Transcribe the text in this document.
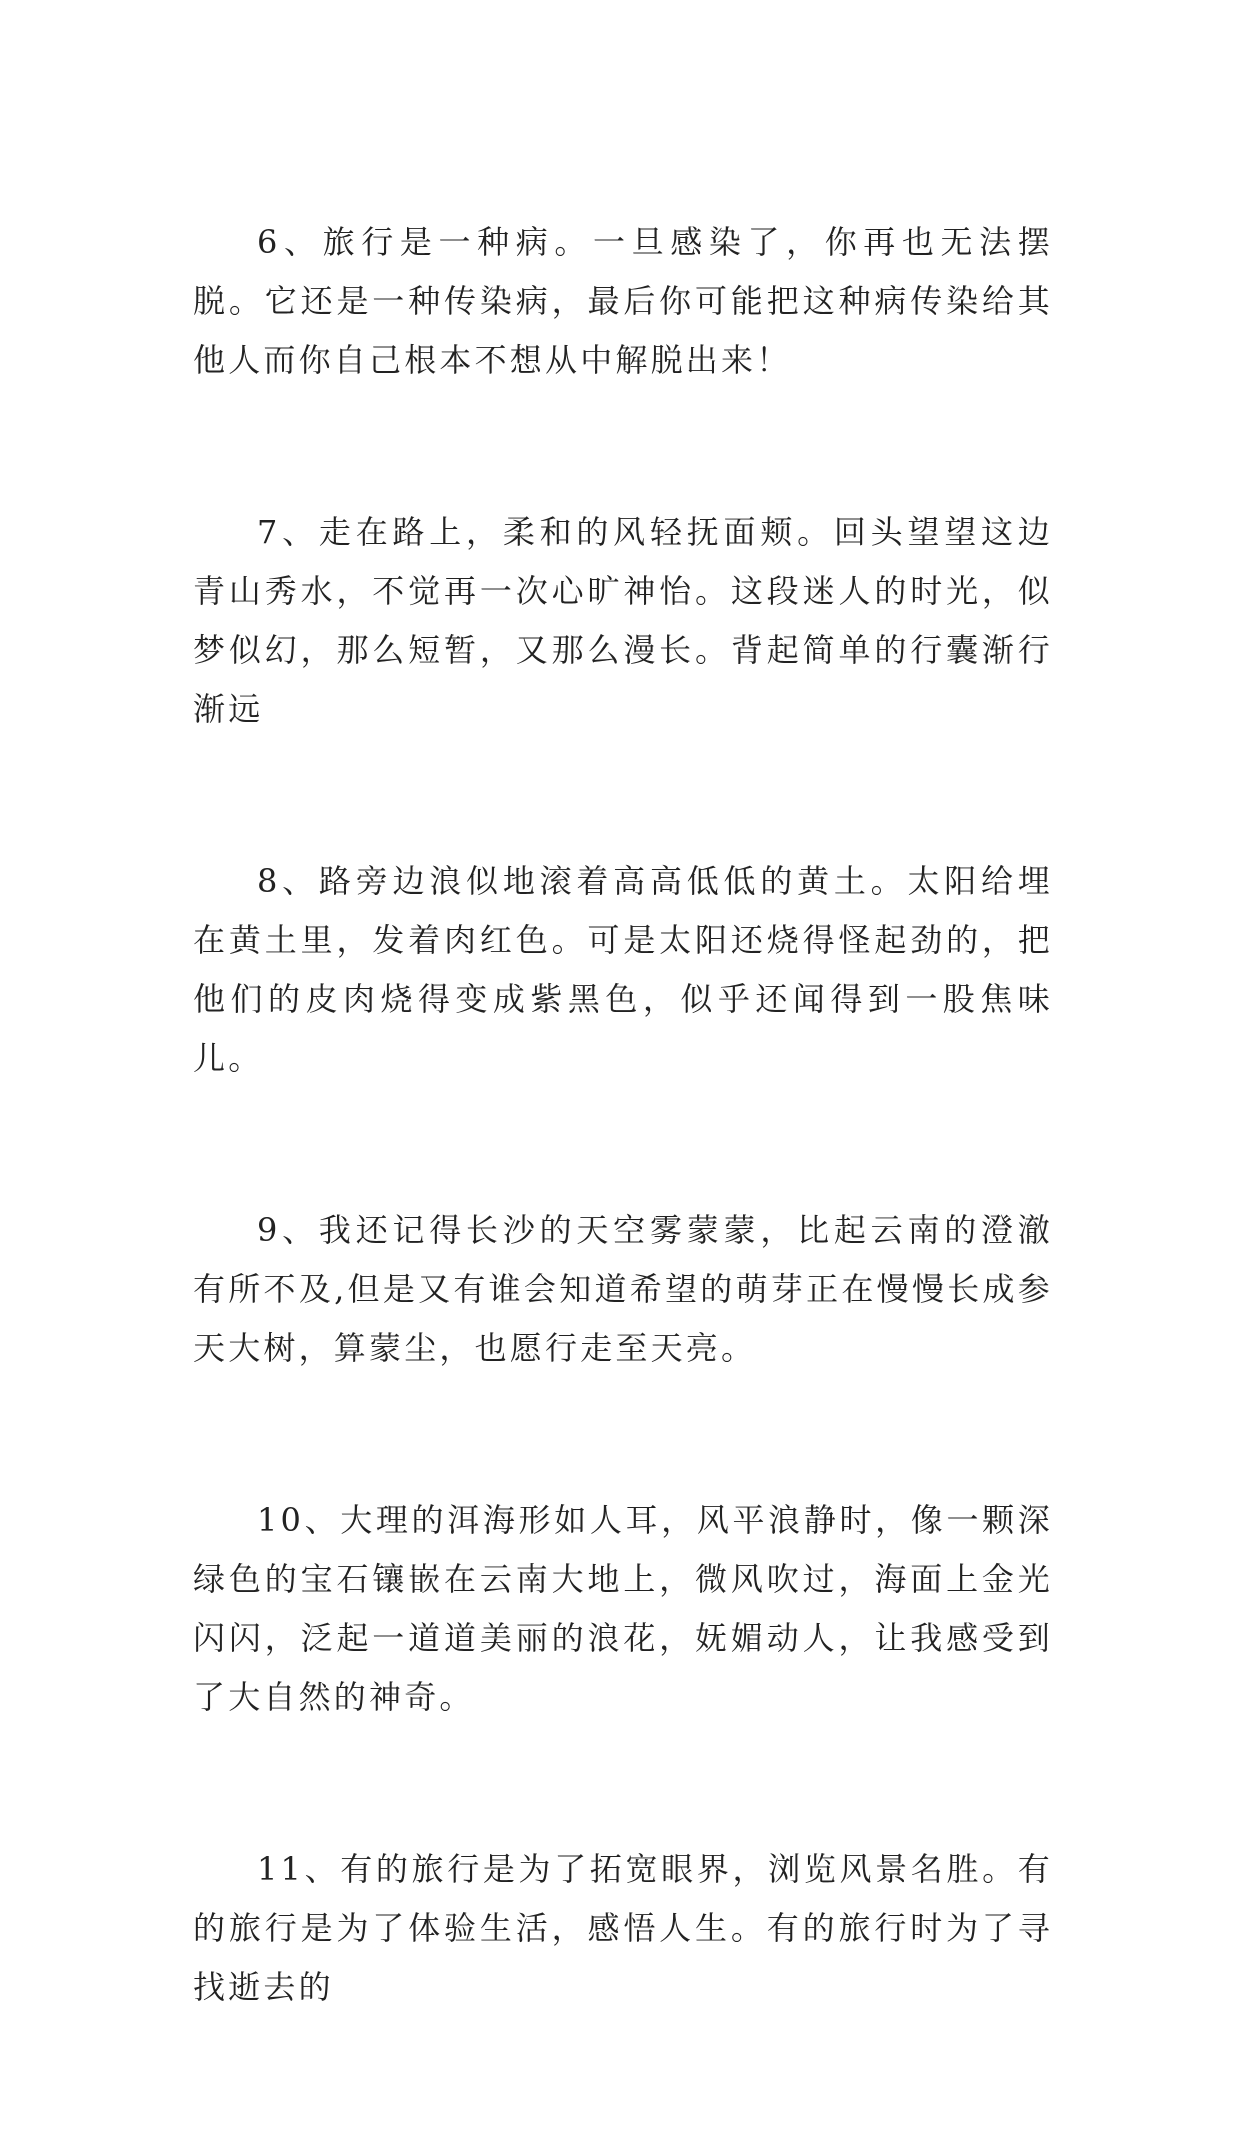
6、旅行是一种病。一旦感染了，你再也无法摆脱。它还是一种传染病，最后你可能把这种病传染给其他人而你自己根本不想从中解脱出来！

7、走在路上，柔和的风轻抚面颊。回头望望这边青山秀水，不觉再一次心旷神怡。这段迷人的时光，似梦似幻，那么短暂，又那么漫长。背起简单的行囊渐行渐远

8、路旁边浪似地滚着高高低低的黄土。太阳给埋在黄土里，发着肉红色。可是太阳还烧得怪起劲的，把他们的皮肉烧得变成紫黑色，似乎还闻得到一股焦味儿。

9、我还记得长沙的天空雾蒙蒙，比起云南的澄澈有所不及,但是又有谁会知道希望的萌芽正在慢慢长成参天大树，算蒙尘，也愿行走至天亮。

10、大理的洱海形如人耳，风平浪静时，像一颗深绿色的宝石镶嵌在云南大地上，微风吹过，海面上金光闪闪，泛起一道道美丽的浪花，妩媚动人，让我感受到了大自然的神奇。

11、有的旅行是为了拓宽眼界，浏览风景名胜。有的旅行是为了体验生活，感悟人生。有的旅行时为了寻找逝去的
